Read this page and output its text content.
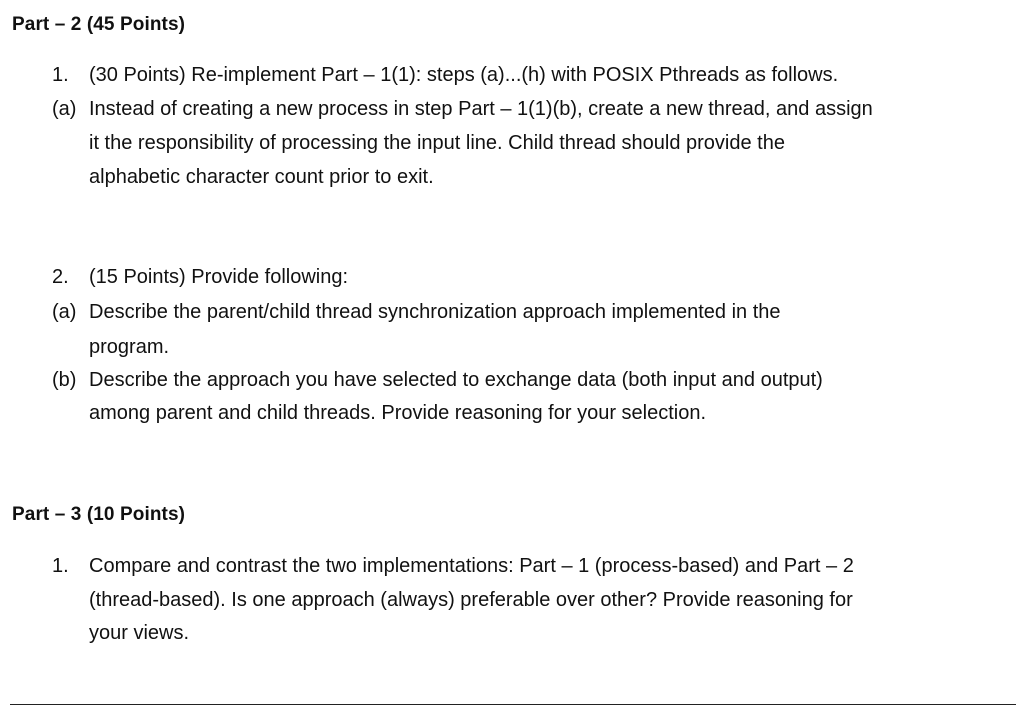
Part – 2 (45 Points)
1. (30 Points) Re-implement Part – 1(1): steps (a)...(h) with POSIX Pthreads as follows.
(a) Instead of creating a new process in step Part – 1(1)(b), create a new thread, and assign
it the responsibility of processing the input line. Child thread should provide the
alphabetic character count prior to exit.
2. (15 Points) Provide following:
(a) Describe the parent/child thread synchronization approach implemented in the
program.
(b) Describe the approach you have selected to exchange data (both input and output)
among parent and child threads. Provide reasoning for your selection.
Part – 3 (10 Points)
1. Compare and contrast the two implementations: Part – 1 (process-based) and Part – 2
(thread-based). Is one approach (always) preferable over other? Provide reasoning for
your views.
